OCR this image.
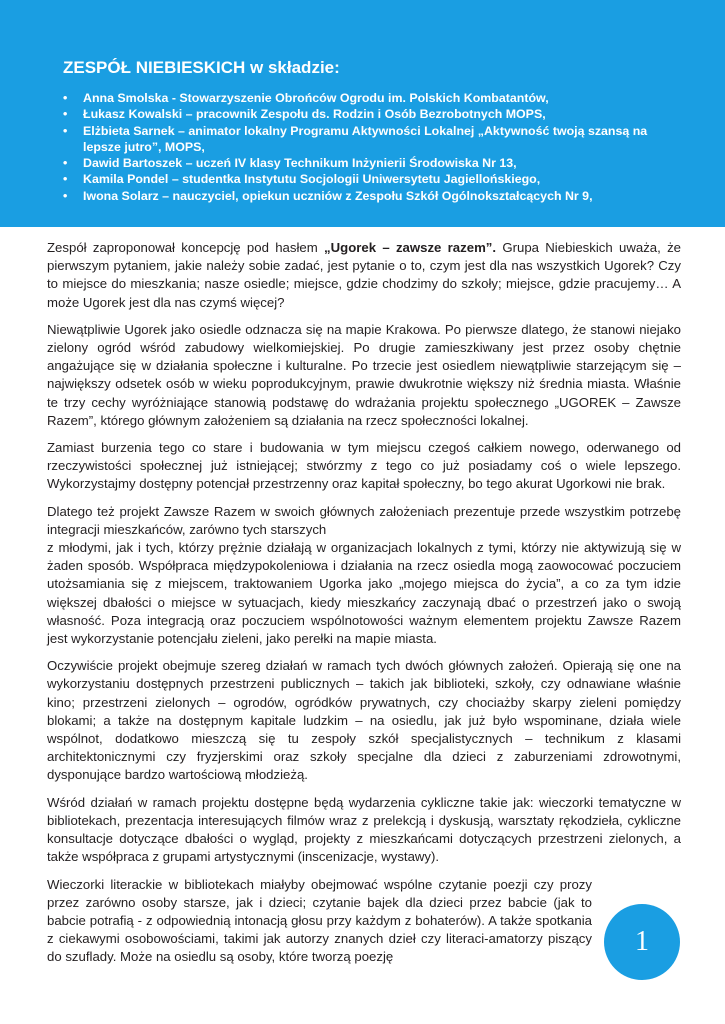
ZESPÓŁ NIEBIESKICH w składzie:
• Anna Smolska - Stowarzyszenie Obrońców Ogrodu im. Polskich Kombatantów,
• Łukasz Kowalski – pracownik Zespołu ds. Rodzin i Osób Bezrobotnych MOPS,
• Elżbieta Sarnek – animator lokalny Programu Aktywności Lokalnej „Aktywność twoją szansą na lepsze jutro”, MOPS,
• Dawid Bartoszek – uczeń IV klasy Technikum Inżynierii Środowiska Nr 13,
• Kamila Pondel – studentka Instytutu Socjologii Uniwersytetu Jagiellońskiego,
• Iwona Solarz – nauczyciel, opiekun uczniów z Zespołu Szkół Ogólnokształcących Nr 9,

Zespół zaproponował koncepcję pod hasłem „Ugorek – zawsze razem”. Grupa Niebieskich uważa, że pierwszym pytaniem, jakie należy sobie zadać, jest pytanie o to, czym jest dla nas wszystkich Ugorek? Czy to miejsce do mieszkania; nasze osiedle; miejsce, gdzie chodzimy do szkoły; miejsce, gdzie pracujemy… A może Ugorek jest dla nas czymś więcej?

Niewątpliwie Ugorek jako osiedle odznacza się na mapie Krakowa. Po pierwsze dlatego, że stanowi niejako zielony ogród wśród zabudowy wielkomiejskiej. Po drugie zamieszkiwany jest przez osoby chętnie angażujące się w działania społeczne i kulturalne. Po trzecie jest osiedlem niewątpliwie starzejącym się – największy odsetek osób w wieku poprodukcyjnym, prawie dwukrotnie większy niż średnia miasta. Właśnie te trzy cechy wyróżniające stanowią podstawę do wdrażania projektu społecznego „UGOREK – Zawsze Razem”, którego głównym założeniem są działania na rzecz społeczności lokalnej.

Zamiast burzenia tego co stare i budowania w tym miejscu czegoś całkiem nowego, oderwanego od rzeczywistości społecznej już istniejącej; stwórzmy z tego co już posiadamy coś o wiele lepszego. Wykorzystajmy dostępny potencjał przestrzenny oraz kapitał społeczny, bo tego akurat Ugorkowi nie brak.

Dlatego też projekt Zawsze Razem w swoich głównych założeniach prezentuje przede wszystkim potrzebę integracji mieszkańców, zarówno tych starszych
z młodymi, jak i tych, którzy prężnie działają w organizacjach lokalnych z tymi, którzy nie aktywizują się w żaden sposób. Współpraca międzypokoleniowa i działania na rzecz osiedla mogą zaowocować poczuciem utożsamiania się z miejscem, traktowaniem Ugorka jako „mojego miejsca do życia”, a co za tym idzie większej dbałości o miejsce w sytuacjach, kiedy mieszkańcy zaczynają dbać o przestrzeń jako o swoją własność. Poza integracją oraz poczuciem wspólnotowości ważnym elementem projektu Zawsze Razem jest wykorzystanie potencjału zieleni, jako perełki na mapie miasta.

Oczywiście projekt obejmuje szereg działań w ramach tych dwóch głównych założeń. Opierają się one na wykorzystaniu dostępnych przestrzeni publicznych – takich jak biblioteki, szkoły, czy odnawiane właśnie kino; przestrzeni zielonych – ogrodów, ogródków prywatnych, czy chociażby skarpy zieleni pomiędzy blokami; a także na dostępnym kapitale ludzkim – na osiedlu, jak już było wspominane, działa wiele wspólnot, dodatkowo mieszczą się tu zespoły szkół specjalistycznych – technikum z klasami architektonicznymi czy fryzjerskimi oraz szkoły specjalne dla dzieci z zaburzeniami zdrowotnymi, dysponujące bardzo wartościową młodzieżą.

Wśród działań w ramach projektu dostępne będą wydarzenia cykliczne takie jak: wieczorki tematyczne w bibliotekach, prezentacja interesujących filmów wraz z prelekcją i dyskusją, warsztaty rękodzieła, cykliczne konsultacje dotyczące dbałości o wygląd, projekty z mieszkańcami dotyczących przestrzeni zielonych, a także współpraca z grupami artystycznymi (inscenizacje, wystawy).

Wieczorki literackie w bibliotekach miałyby obejmować wspólne czytanie poezji czy prozy przez zarówno osoby starsze, jak i dzieci; czytanie bajek dla dzieci przez babcie (jak to babcie potrafią - z odpowiednią intonacją głosu przy każdym z bohaterów). A także spotkania z ciekawymi osobowościami, takimi jak autorzy znanych dzieł czy literaci-amatorzy piszący do szuflady. Może na osiedlu są osoby, które tworzą poezję	1
